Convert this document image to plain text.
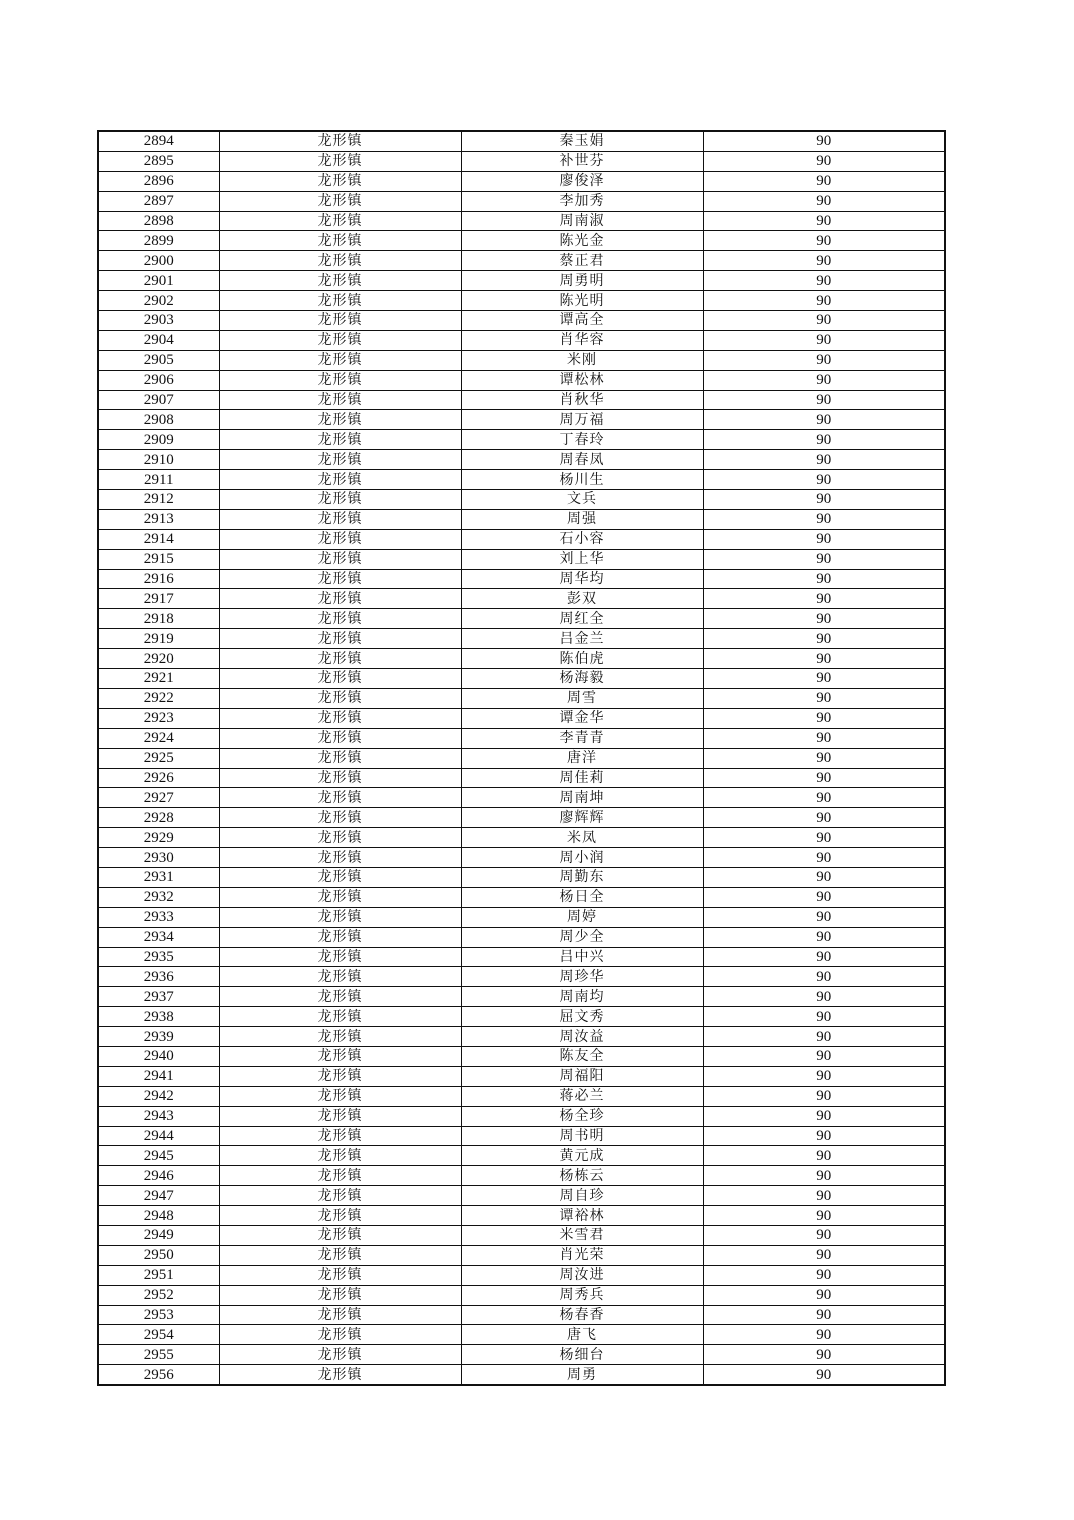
2894	龙形镇	秦玉娟	90
2895	龙形镇	补世芬	90
2896	龙形镇	廖俊泽	90
2897	龙形镇	李加秀	90
2898	龙形镇	周南淑	90
2899	龙形镇	陈光金	90
2900	龙形镇	蔡正君	90
2901	龙形镇	周勇明	90
2902	龙形镇	陈光明	90
2903	龙形镇	谭高全	90
2904	龙形镇	肖华容	90
2905	龙形镇	米刚	90
2906	龙形镇	谭松林	90
2907	龙形镇	肖秋华	90
2908	龙形镇	周万福	90
2909	龙形镇	丁春玲	90
2910	龙形镇	周春凤	90
2911	龙形镇	杨川生	90
2912	龙形镇	文兵	90
2913	龙形镇	周强	90
2914	龙形镇	石小容	90
2915	龙形镇	刘上华	90
2916	龙形镇	周华均	90
2917	龙形镇	彭双	90
2918	龙形镇	周红全	90
2919	龙形镇	吕金兰	90
2920	龙形镇	陈伯虎	90
2921	龙形镇	杨海毅	90
2922	龙形镇	周雪	90
2923	龙形镇	谭金华	90
2924	龙形镇	李青青	90
2925	龙形镇	唐洋	90
2926	龙形镇	周佳莉	90
2927	龙形镇	周南坤	90
2928	龙形镇	廖辉辉	90
2929	龙形镇	米凤	90
2930	龙形镇	周小润	90
2931	龙形镇	周勤东	90
2932	龙形镇	杨日全	90
2933	龙形镇	周婷	90
2934	龙形镇	周少全	90
2935	龙形镇	吕中兴	90
2936	龙形镇	周珍华	90
2937	龙形镇	周南均	90
2938	龙形镇	屈文秀	90
2939	龙形镇	周汝益	90
2940	龙形镇	陈友全	90
2941	龙形镇	周福阳	90
2942	龙形镇	蒋必兰	90
2943	龙形镇	杨全珍	90
2944	龙形镇	周书明	90
2945	龙形镇	黄元成	90
2946	龙形镇	杨栋云	90
2947	龙形镇	周自珍	90
2948	龙形镇	谭裕林	90
2949	龙形镇	米雪君	90
2950	龙形镇	肖光荣	90
2951	龙形镇	周汝进	90
2952	龙形镇	周秀兵	90
2953	龙形镇	杨春香	90
2954	龙形镇	唐飞	90
2955	龙形镇	杨细台	90
2956	龙形镇	周勇	90
